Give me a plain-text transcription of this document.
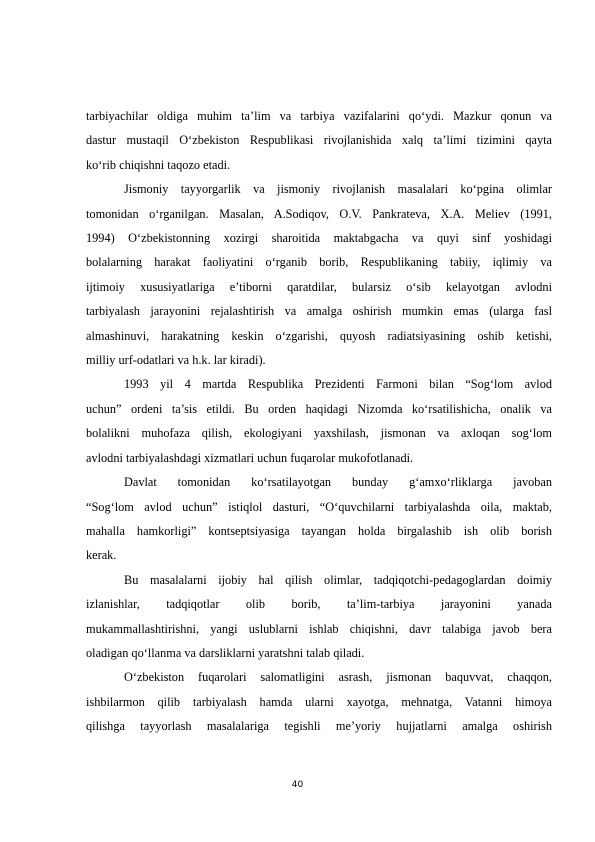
tarbiyachilar oldiga muhim ta’lim va tarbiya vazifalarini qo‘ydi. Mazkur qonun va
dastur mustaqil O‘zbekiston Respublikasi rivojlanishida xalq ta’limi tizimini qayta
ko‘rib chiqishni taqozo etadi.
Jismoniy tayyorgarlik va jismoniy rivojlanish masalalari ko‘pgina olimlar
tomonidan o‘rganilgan. Masalan, A.Sodiqov, O.V. Pankrateva, X.A. Meliev (1991,
1994) O‘zbekistonning xozirgi sharoitida maktabgacha va quyi sinf yoshidagi
bolalarning harakat faoliyatini o‘rganib borib, Respublikaning tabiiy, iqlimiy va
ijtimoiy xususiyatlariga e’tiborni qaratdilar, bularsiz o‘sib kelayotgan avlodni
tarbiyalash jarayonini rejalashtirish va amalga oshirish mumkin emas (ularga fasl
almashinuvi, harakatning keskin o‘zgarishi, quyosh radiatsiyasining oshib ketishi,
milliy urf-odatlari va h.k. lar kiradi).
1993 yil 4 martda Respublika Prezidenti Farmoni bilan “Sog‘lom avlod
uchun” ordeni ta’sis etildi. Bu orden haqidagi Nizomda ko‘rsatilishicha, onalik va
bolalikni muhofaza qilish, ekologiyani yaxshilash, jismonan va axloqan sog‘lom
avlodni tarbiyalashdagi xizmatlari uchun fuqarolar mukofotlanadi.
Davlat tomonidan ko‘rsatilayotgan bunday g‘amxo‘rliklarga javoban
“Sog‘lom avlod uchun” istiqlol dasturi, “O‘quvchilarni tarbiyalashda oila, maktab,
mahalla hamkorligi” kontseptsiyasiga tayangan holda birgalashib ish olib borish
kerak.
Bu masalalarni ijobiy hal qilish olimlar, tadqiqotchi-pedagoglardan doimiy
izlanishlar, tadqiqotlar olib borib, ta’lim-tarbiya jarayonini yanada
mukammallashtirishni, yangi uslublarni ishlab chiqishni, davr talabiga javob bera
oladigan qo‘llanma va darsliklarni yaratshni talab qiladi.
O‘zbekiston fuqarolari salomatligini asrash, jismonan baquvvat, chaqqon,
ishbilarmon qilib tarbiyalash hamda ularni xayotga, mehnatga, Vatanni himoya
qilishga tayyorlash masalalariga tegishli me’yoriy hujjatlarni amalga oshirish
40
